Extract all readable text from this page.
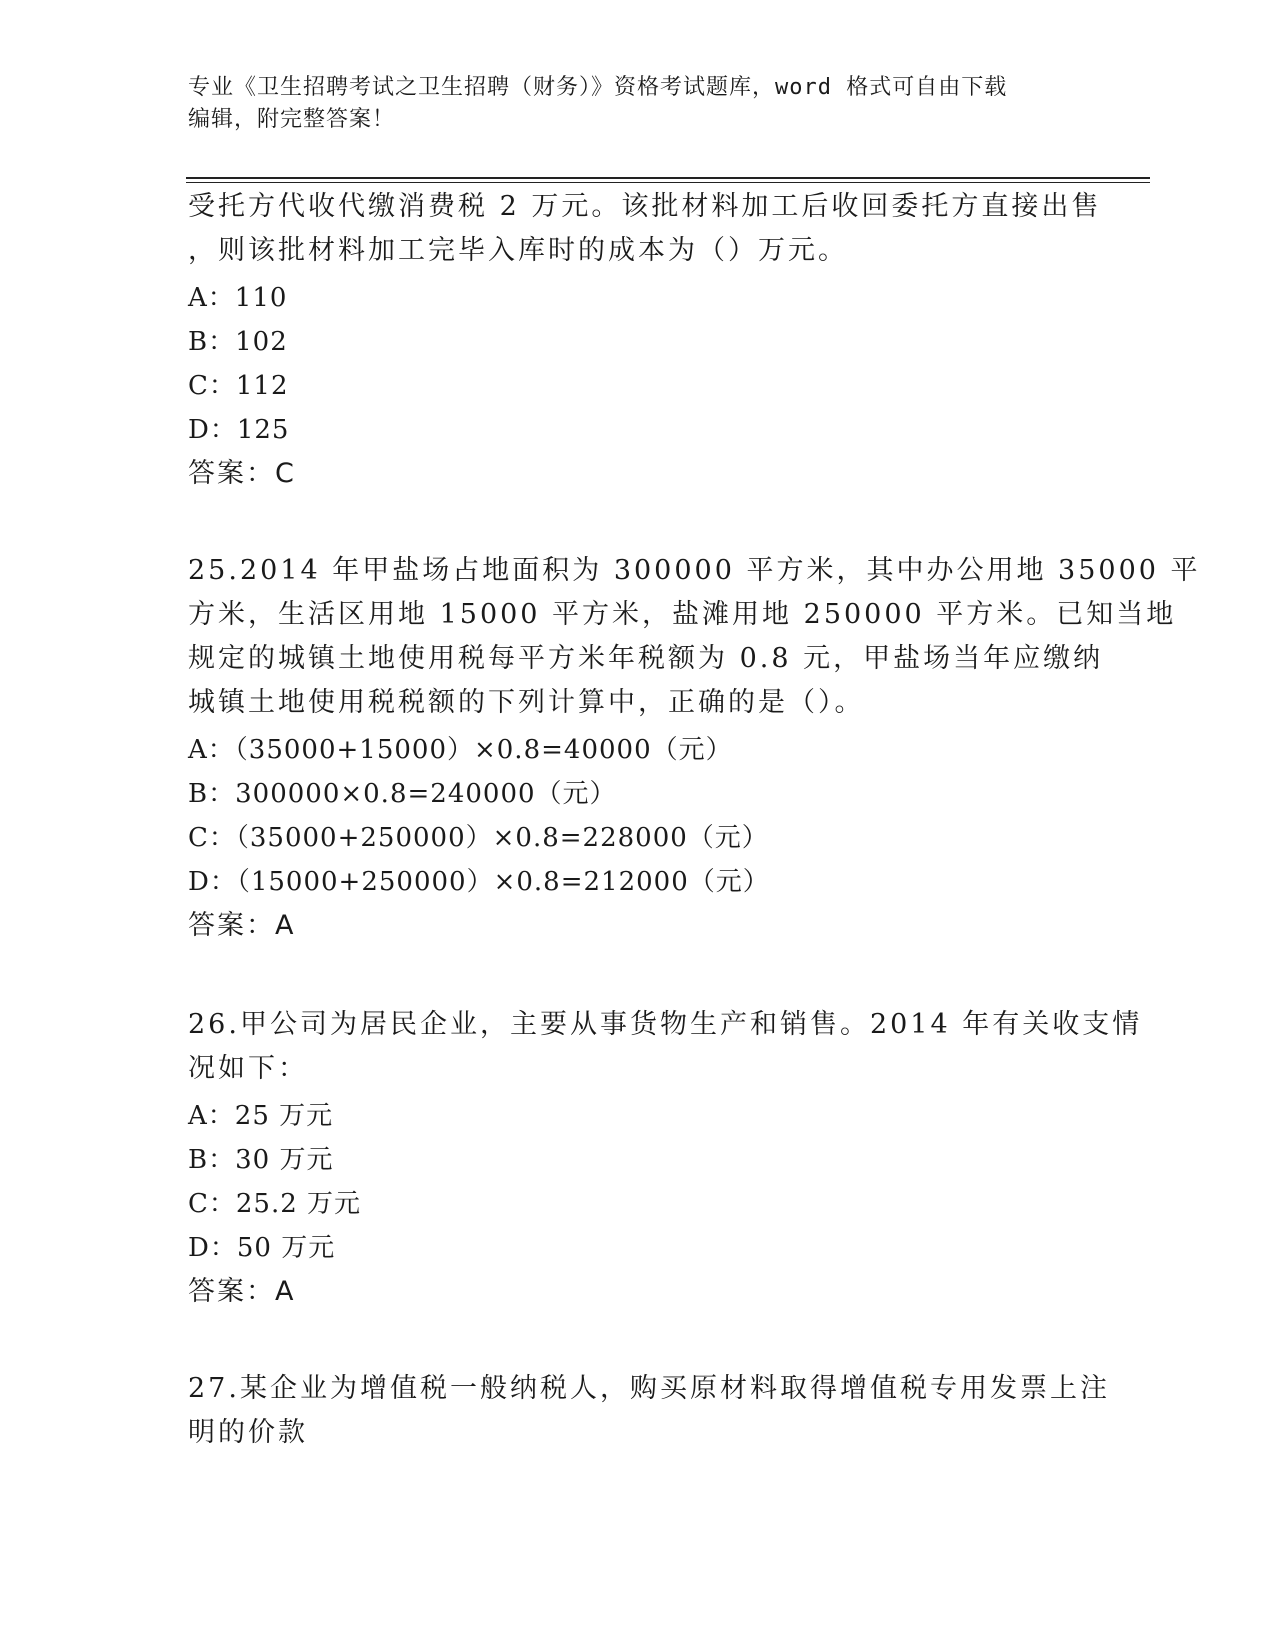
专业《卫生招聘考试之卫生招聘（财务）》资格考试题库，word 格式可自由下载
编辑，附完整答案！
受托方代收代缴消费税 2 万元。该批材料加工后收回委托方直接出售
，则该批材料加工完毕入库时的成本为（）万元。
A：110
B：102
C：112
D：125
答案：C
25.2014 年甲盐场占地面积为 300000 平方米，其中办公用地 35000 平
方米，生活区用地 15000 平方米，盐滩用地 250000 平方米。已知当地
规定的城镇土地使用税每平方米年税额为 0.8 元，甲盐场当年应缴纳
城镇土地使用税税额的下列计算中，正确的是（）。
A：（35000+15000）×0.8=40000（元）
B：300000×0.8=240000（元）
C：（35000+250000）×0.8=228000（元）
D：（15000+250000）×0.8=212000（元）
答案：A
26.甲公司为居民企业，主要从事货物生产和销售。2014 年有关收支情
况如下：
A：25 万元
B：30 万元
C：25.2 万元
D：50 万元
答案：A
27.某企业为增值税一般纳税人，购买原材料取得增值税专用发票上注
明的价款
